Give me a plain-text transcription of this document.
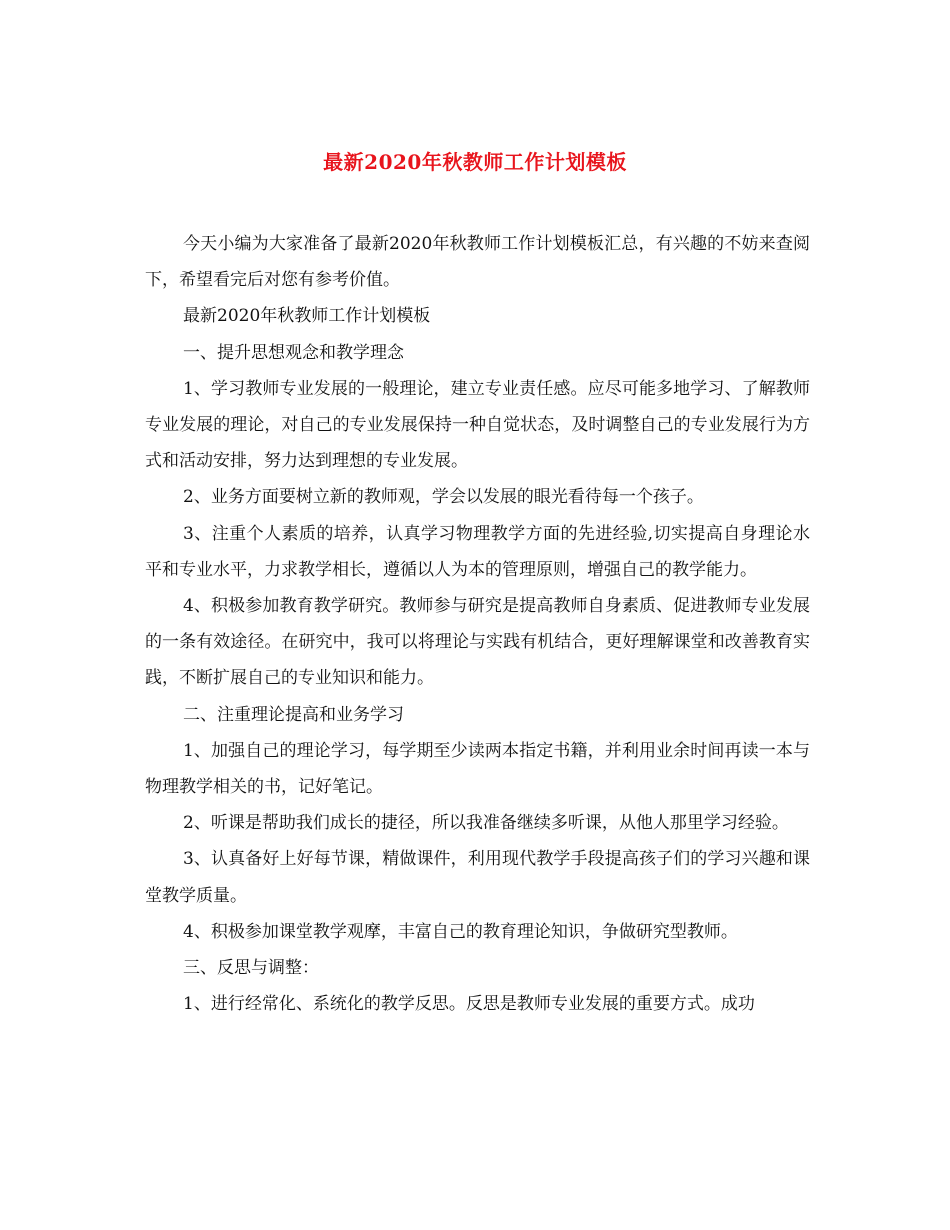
最新2020年秋教师工作计划模板

今天小编为大家准备了最新2020年秋教师工作计划模板汇总，有兴趣的不妨来查阅下，希望看完后对您有参考价值。

最新2020年秋教师工作计划模板

一、提升思想观念和教学理念

1、学习教师专业发展的一般理论，建立专业责任感。应尽可能多地学习、了解教师专业发展的理论，对自己的专业发展保持一种自觉状态，及时调整自己的专业发展行为方式和活动安排，努力达到理想的专业发展。

2、业务方面要树立新的教师观，学会以发展的眼光看待每一个孩子。

3、注重个人素质的培养，认真学习物理教学方面的先进经验,切实提高自身理论水平和专业水平，力求教学相长，遵循以人为本的管理原则，增强自己的教学能力。

4、积极参加教育教学研究。教师参与研究是提高教师自身素质、促进教师专业发展的一条有效途径。在研究中，我可以将理论与实践有机结合，更好理解课堂和改善教育实践，不断扩展自己的专业知识和能力。

二、注重理论提高和业务学习

1、加强自己的理论学习，每学期至少读两本指定书籍，并利用业余时间再读一本与物理教学相关的书，记好笔记。

2、听课是帮助我们成长的捷径，所以我准备继续多听课，从他人那里学习经验。

3、认真备好上好每节课，精做课件，利用现代教学手段提高孩子们的学习兴趣和课堂教学质量。

4、积极参加课堂教学观摩，丰富自己的教育理论知识，争做研究型教师。

三、反思与调整：

1、进行经常化、系统化的教学反思。反思是教师专业发展的重要方式。成功
